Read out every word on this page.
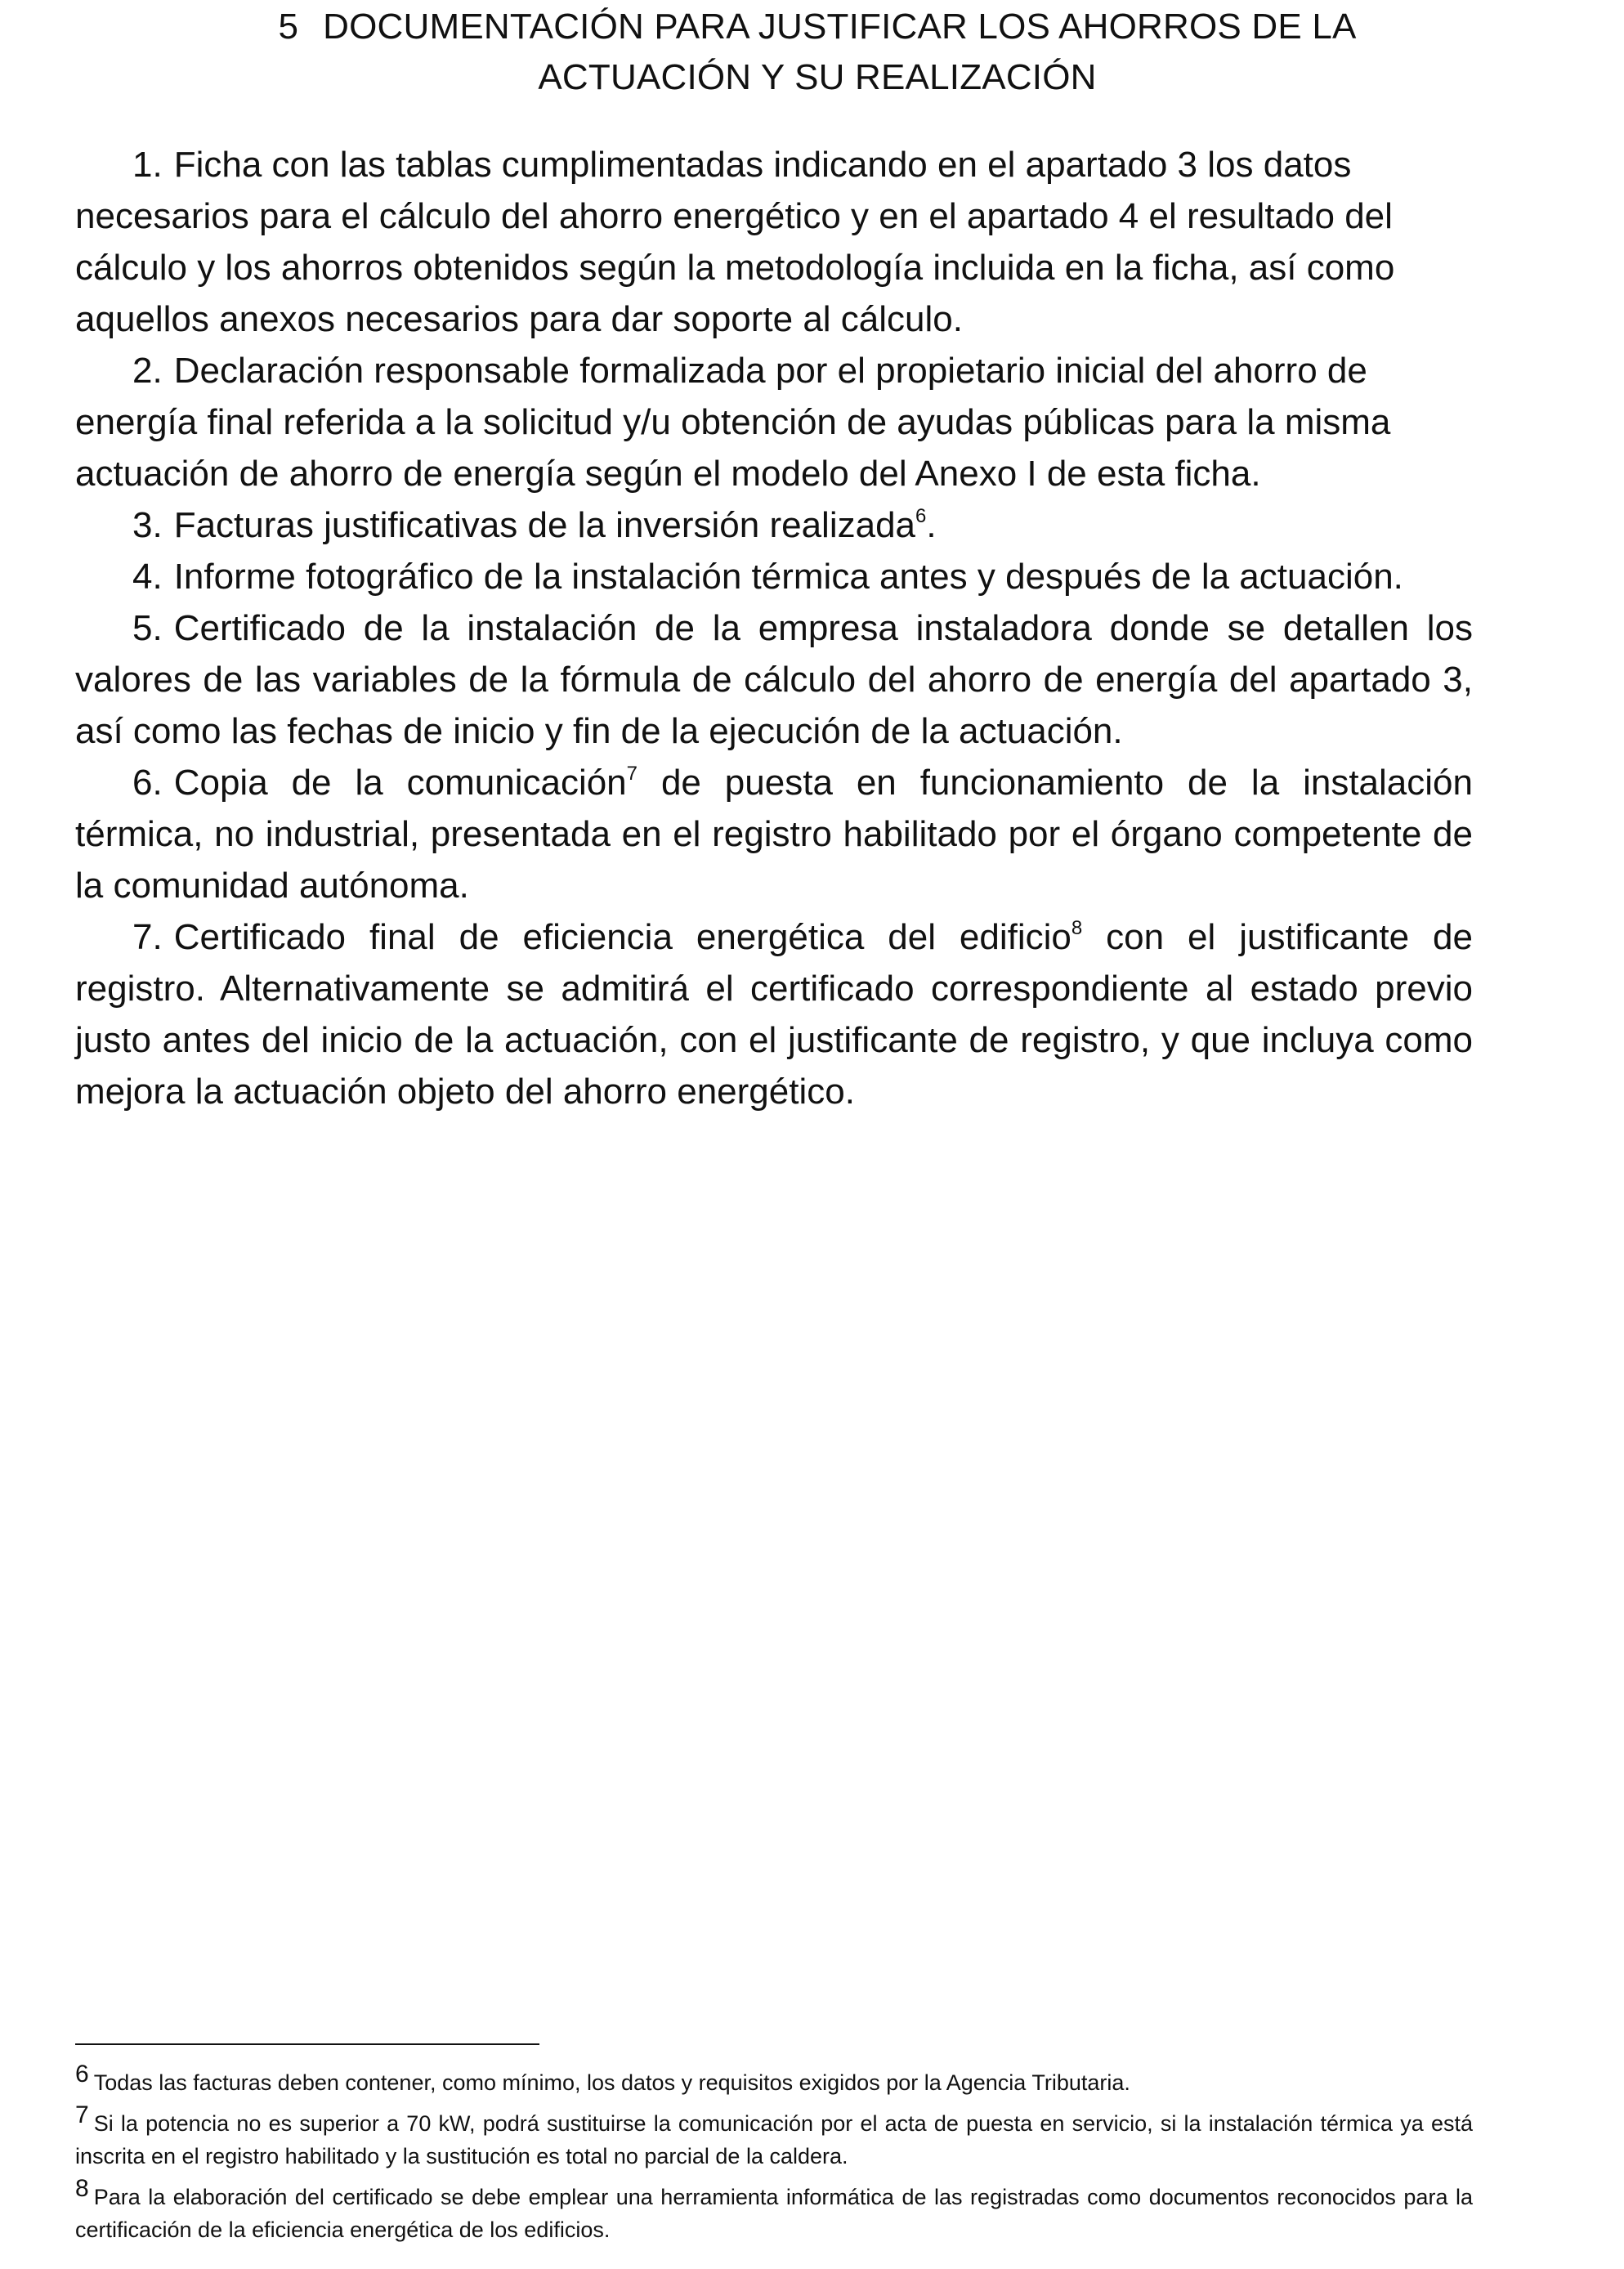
5 DOCUMENTACIÓN PARA JUSTIFICAR LOS AHORROS DE LA
ACTUACIÓN Y SU REALIZACIÓN

1. Ficha con las tablas cumplimentadas indicando en el apartado 3 los datos necesarios para el cálculo del ahorro energético y en el apartado 4 el resultado del cálculo y los ahorros obtenidos según la metodología incluida en la ficha, así como aquellos anexos necesarios para dar soporte al cálculo.

2. Declaración responsable formalizada por el propietario inicial del ahorro de energía final referida a la solicitud y/u obtención de ayudas públicas para la misma actuación de ahorro de energía según el modelo del Anexo I de esta ficha.

3. Facturas justificativas de la inversión realizada$^6$.

4. Informe fotográfico de la instalación térmica antes y después de la actuación.

5. Certificado de la instalación de la empresa instaladora donde se detallen los valores de las variables de la fórmula de cálculo del ahorro de energía del apartado 3, así como las fechas de inicio y fin de la ejecución de la actuación.

6. Copia de la comunicación$^7$ de puesta en funcionamiento de la instalación térmica, no industrial, presentada en el registro habilitado por el órgano competente de la comunidad autónoma.

7. Certificado final de eficiencia energética del edificio$^8$ con el justificante de registro. Alternativamente se admitirá el certificado correspondiente al estado previo justo antes del inicio de la actuación, con el justificante de registro, y que incluya como mejora la actuación objeto del ahorro energético.

6 Todas las facturas deben contener, como mínimo, los datos y requisitos exigidos por la Agencia Tributaria.

7 Si la potencia no es superior a 70 kW, podrá sustituirse la comunicación por el acta de puesta en servicio, si la instalación térmica ya está inscrita en el registro habilitado y la sustitución es total no parcial de la caldera.

8 Para la elaboración del certificado se debe emplear una herramienta informática de las registradas como documentos reconocidos para la certificación de la eficiencia energética de los edificios.
